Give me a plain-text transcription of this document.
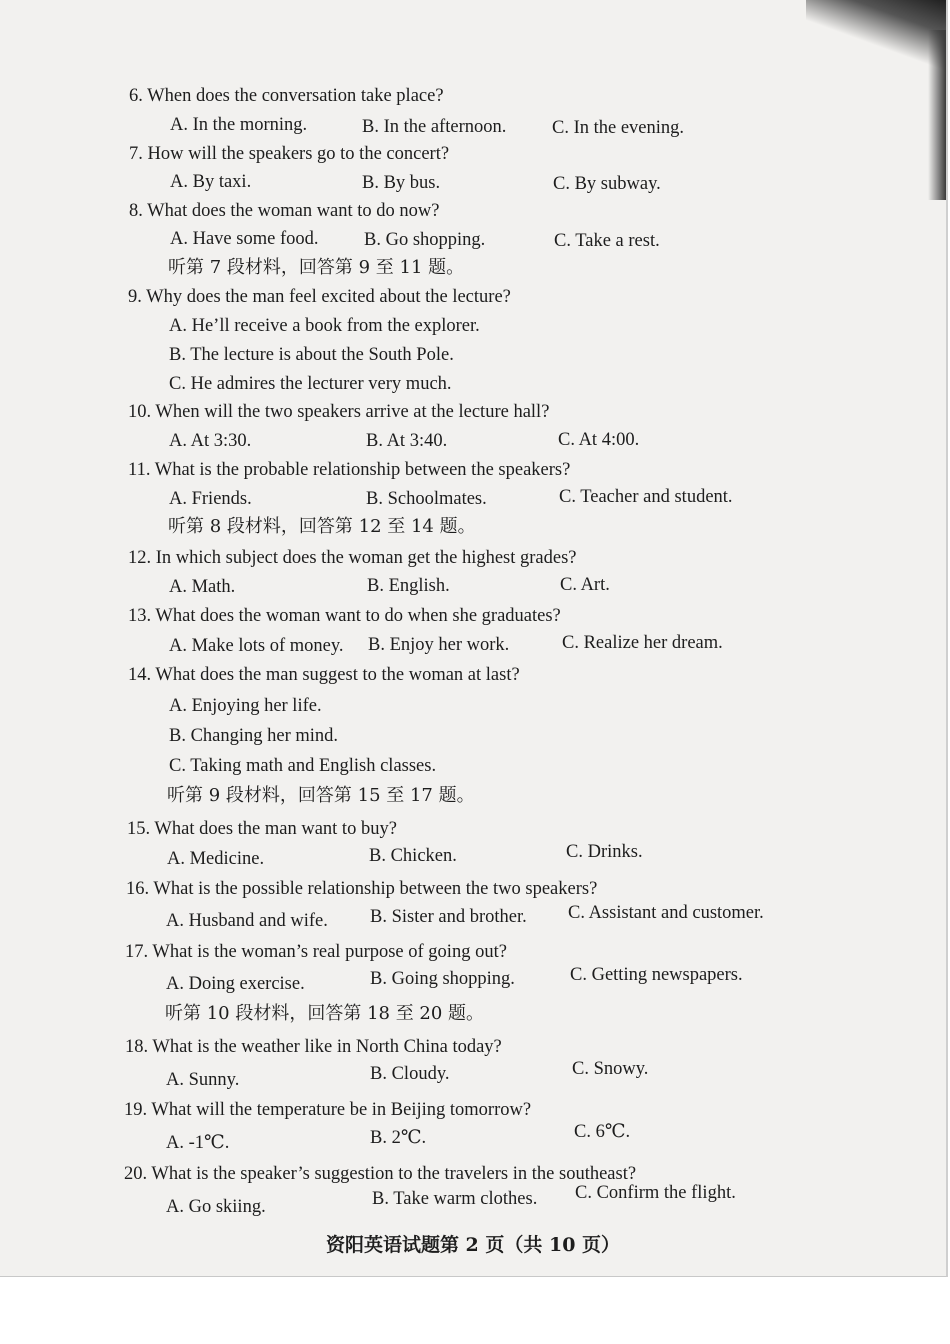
6. When does the conversation take place?
A. In the morning.	B. In the afternoon. C. In the evening.
7. How will the speakers go to the concert?
A. By taxi.	B. By bus.	C. By subway.
8. What does the woman want to do now?
A. Have some food. B. Go shopping.	C. Take a rest.
听第 7 段材料，回答第 9 至 11 题。
9. Why does the man feel excited about the lecture?
A. He’ll receive a book from the explorer.
B. The lecture is about the South Pole.
C. He admires the lecturer very much.
10. When will the two speakers arrive at the lecture hall?
A. At 3:30.	B. At 3:40.	C. At 4:00.
11. What is the probable relationship between the speakers?
A. Friends.	B. Schoolmates.	C. Teacher and student.
听第 8 段材料，回答第 12 至 14 题。
12. In which subject does the woman get the highest grades?
A. Math.	B. English.	C. Art.
13. What does the woman want to do when she graduates?
A. Make lots of money. B. Enjoy her work.	C. Realize her dream.
14. What does the man suggest to the woman at last?
A. Enjoying her life.
B. Changing her mind.
C. Taking math and English classes.
听第 9 段材料，回答第 15 至 17 题。
15. What does the man want to buy?
A. Medicine.	B. Chicken.	C. Drinks.
16. What is the possible relationship between the two speakers?
A. Husband and wife. B. Sister and brother. C. Assistant and customer.
17. What is the woman’s real purpose of going out?
A. Doing exercise.	B. Going shopping.	C. Getting newspapers.
听第 10 段材料，回答第 18 至 20 题。
18. What is the weather like in North China today?
A. Sunny.	B. Cloudy.	C. Snowy.
19. What will the temperature be in Beijing tomorrow?
A. -1℃.	B. 2℃.	C. 6℃.
20. What is the speaker’s suggestion to the travelers in the southeast?
A. Go skiing.	B. Take warm clothes. C. Confirm the flight.
资阳英语试题第 2 页（共 10 页）
